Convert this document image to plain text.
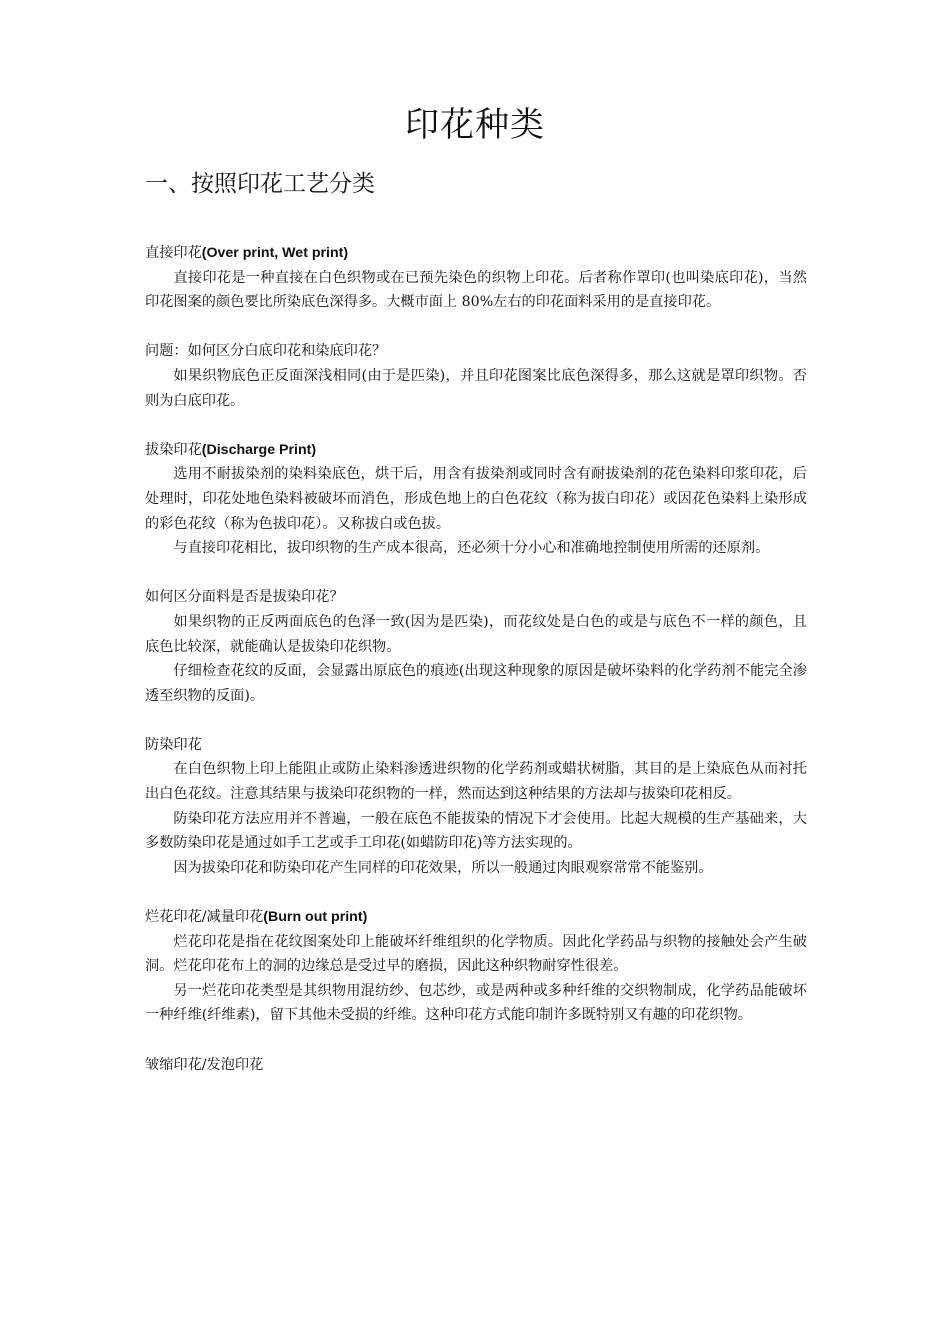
印花种类
一、按照印花工艺分类

直接印花(Over print, Wet print)

直接印花是一种直接在白色织物或在已预先染色的织物上印花。后者称作罩印(也叫染底印花)，当然印花图案的颜色要比所染底色深得多。大概市面上 80%左右的印花面料采用的是直接印花。

问题：如何区分白底印花和染底印花？

如果织物底色正反面深浅相同(由于是匹染)，并且印花图案比底色深得多，那么这就是罩印织物。否则为白底印花。

拔染印花(Discharge Print)

选用不耐拔染剂的染料染底色，烘干后，用含有拔染剂或同时含有耐拔染剂的花色染料印浆印花，后处理时，印花处地色染料被破坏而消色，形成色地上的白色花纹（称为拔白印花）或因花色染料上染形成的彩色花纹（称为色拔印花）。又称拔白或色拔。

与直接印花相比，拔印织物的生产成本很高，还必须十分小心和准确地控制使用所需的还原剂。

如何区分面料是否是拔染印花？

如果织物的正反两面底色的色泽一致(因为是匹染)，而花纹处是白色的或是与底色不一样的颜色，且底色比较深，就能确认是拔染印花织物。

仔细检查花纹的反面，会显露出原底色的痕迹(出现这种现象的原因是破坏染料的化学药剂不能完全渗透至织物的反面)。

防染印花

在白色织物上印上能阻止或防止染料渗透进织物的化学药剂或蜡状树脂，其目的是上染底色从而衬托出白色花纹。注意其结果与拔染印花织物的一样，然而达到这种结果的方法却与拔染印花相反。

防染印花方法应用并不普遍，一般在底色不能拔染的情况下才会使用。比起大规模的生产基础来，大多数防染印花是通过如手工艺或手工印花(如蜡防印花)等方法实现的。

因为拔染印花和防染印花产生同样的印花效果，所以一般通过肉眼观察常常不能鉴别。

烂花印花/减量印花(Burn out print)

烂花印花是指在花纹图案处印上能破坏纤维组织的化学物质。因此化学药品与织物的接触处会产生破洞。烂花印花布上的洞的边缘总是受过早的磨损，因此这种织物耐穿性很差。

另一烂花印花类型是其织物用混纺纱、包芯纱，或是两种或多种纤维的交织物制成，化学药品能破坏一种纤维(纤维素)，留下其他未受损的纤维。这种印花方式能印制许多既特别又有趣的印花织物。

皱缩印花/发泡印花
